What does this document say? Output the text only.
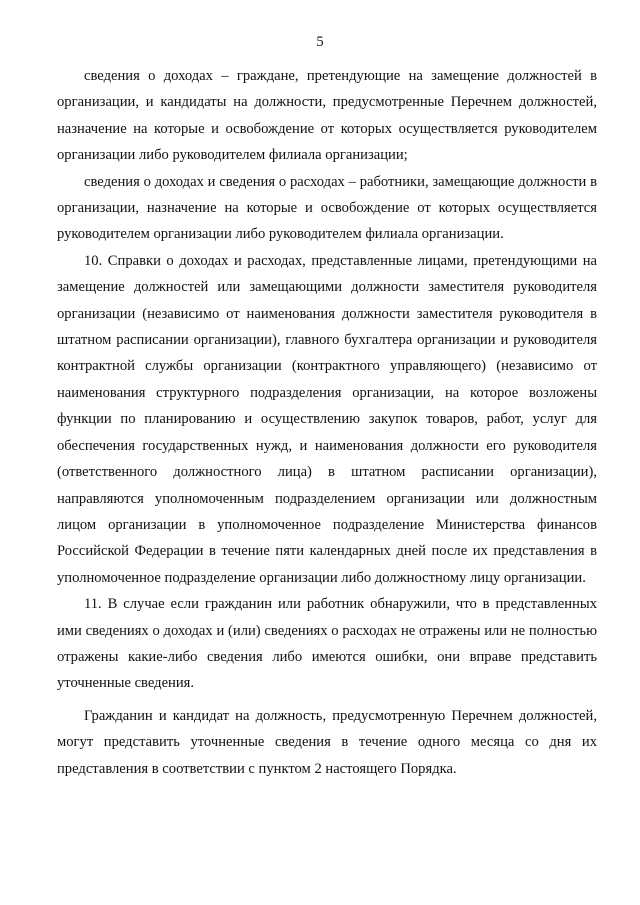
5

сведения о доходах – граждане, претендующие на замещение должностей в организации, и кандидаты на должности, предусмотренные Перечнем должностей, назначение на которые и освобождение от которых осуществляется руководителем организации либо руководителем филиала организации;

сведения о доходах и сведения о расходах – работники, замещающие должности в организации, назначение на которые и освобождение от которых осуществляется руководителем организации либо руководителем филиала организации.

10. Справки о доходах и расходах, представленные лицами, претендующими на замещение должностей или замещающими должности заместителя руководителя организации (независимо от наименования должности заместителя руководителя в штатном расписании организации), главного бухгалтера организации и руководителя контрактной службы организации (контрактного управляющего) (независимо от наименования структурного подразделения организации, на которое возложены функции по планированию и осуществлению закупок товаров, работ, услуг для обеспечения государственных нужд, и наименования должности его руководителя (ответственного должностного лица) в штатном расписании организации), направляются уполномоченным подразделением организации или должностным лицом организации в уполномоченное подразделение Министерства финансов Российской Федерации в течение пяти календарных дней после их представления в уполномоченное подразделение организации либо должностному лицу организации.

11. В случае если гражданин или работник обнаружили, что в представленных ими сведениях о доходах и (или) сведениях о расходах не отражены или не полностью отражены какие-либо сведения либо имеются ошибки, они вправе представить уточненные сведения.

Гражданин и кандидат на должность, предусмотренную Перечнем должностей, могут представить уточненные сведения в течение одного месяца со дня их представления в соответствии с пунктом 2 настоящего Порядка.
